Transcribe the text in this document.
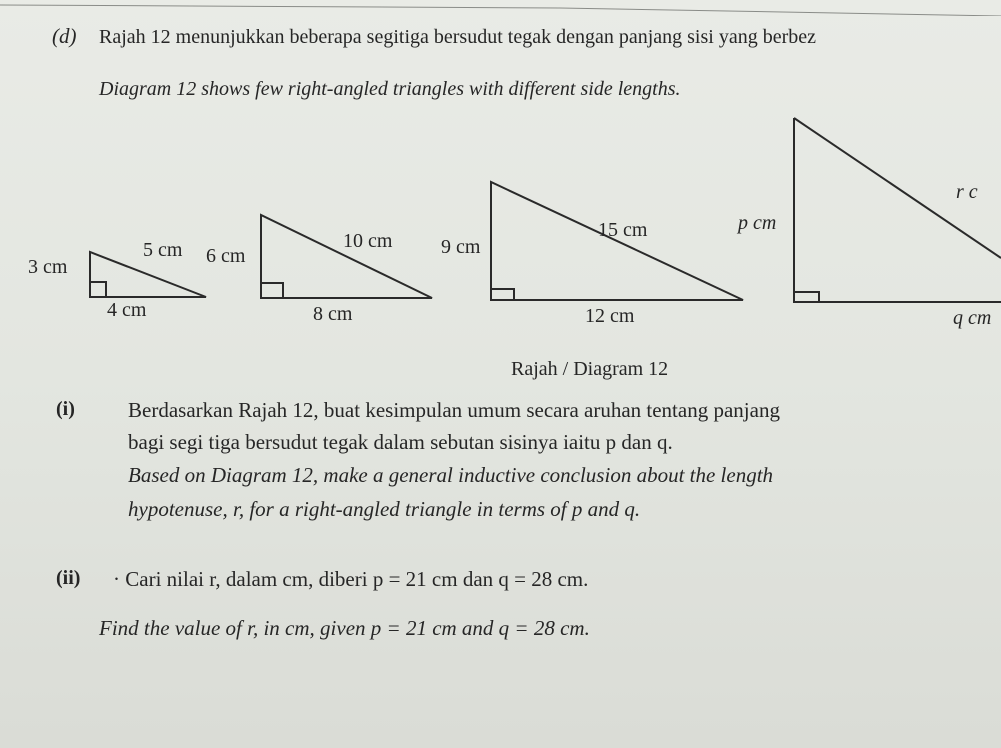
(d) Rajah 12 menunjukkan beberapa segitiga bersudut tegak dengan panjang sisi yang berbez
Diagram 12 shows few right-angled triangles with different side lengths.
3 cm
5 cm
4 cm
6 cm
10 cm
8 cm
9 cm
15 cm
12 cm
p cm
r c
q cm
Rajah / Diagram 12
(i)	Berdasarkan Rajah 12, buat kesimpulan umum secara aruhan tentang panjang
bagi segi tiga bersudut tegak dalam sebutan sisinya iaitu p dan q.
Based on Diagram 12, make a general inductive conclusion about the length
hypotenuse, r, for a right-angled triangle in terms of p and q.
(ii) · Cari nilai r, dalam cm, diberi p = 21 cm dan q = 28 cm.
Find the value of r, in cm, given p = 21 cm and q = 28 cm.
